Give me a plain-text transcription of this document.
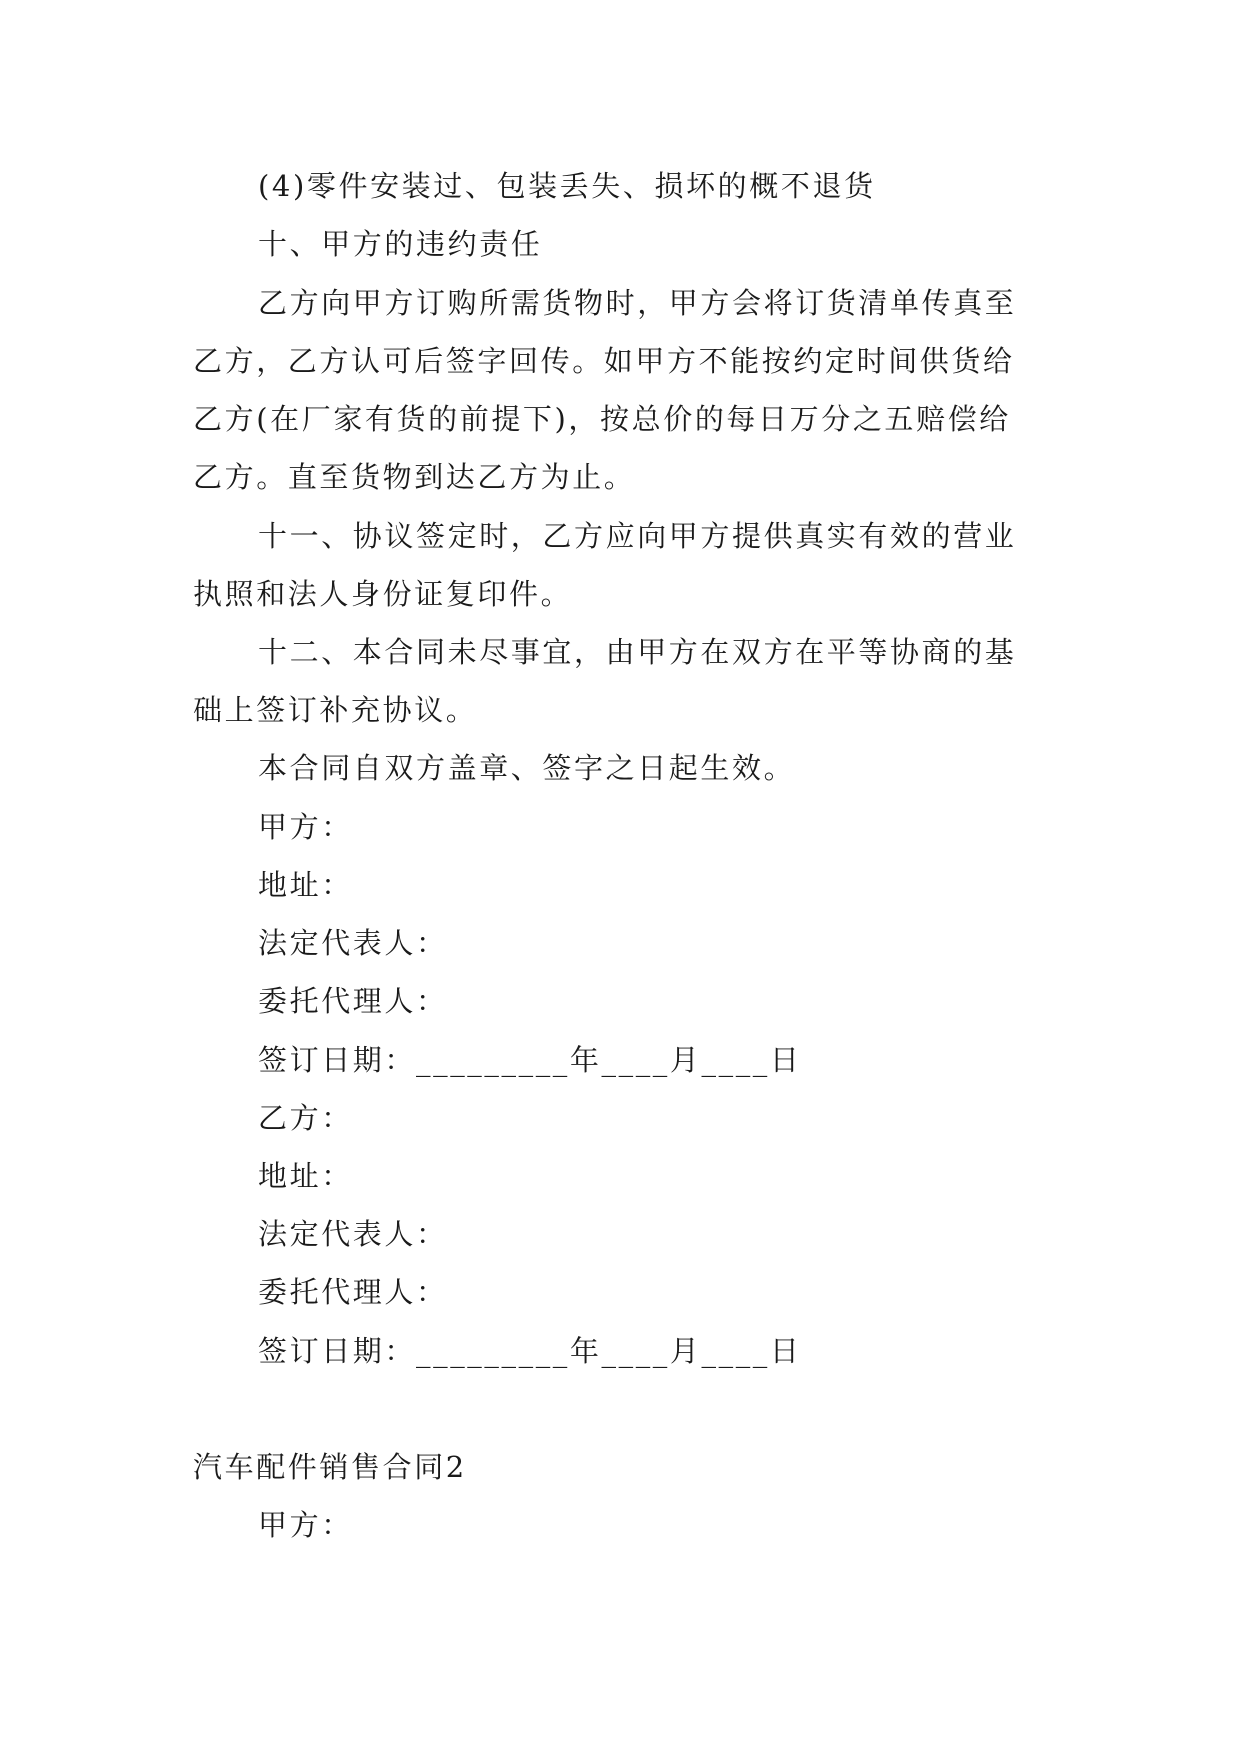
(4)零件安装过、包装丢失、损坏的概不退货
十、甲方的违约责任
乙方向甲方订购所需货物时，甲方会将订货清单传真至
乙方，乙方认可后签字回传。如甲方不能按约定时间供货给
乙方(在厂家有货的前提下)，按总价的每日万分之五赔偿给
乙方。直至货物到达乙方为止。
十一、协议签定时，乙方应向甲方提供真实有效的营业
执照和法人身份证复印件。
十二、本合同未尽事宜，由甲方在双方在平等协商的基
础上签订补充协议。
本合同自双方盖章、签字之日起生效。
甲方：
地址：
法定代表人：
委托代理人：
签订日期：_________年____月____日
乙方：
地址：
法定代表人：
委托代理人：
签订日期：_________年____月____日
汽车配件销售合同2
甲方：
